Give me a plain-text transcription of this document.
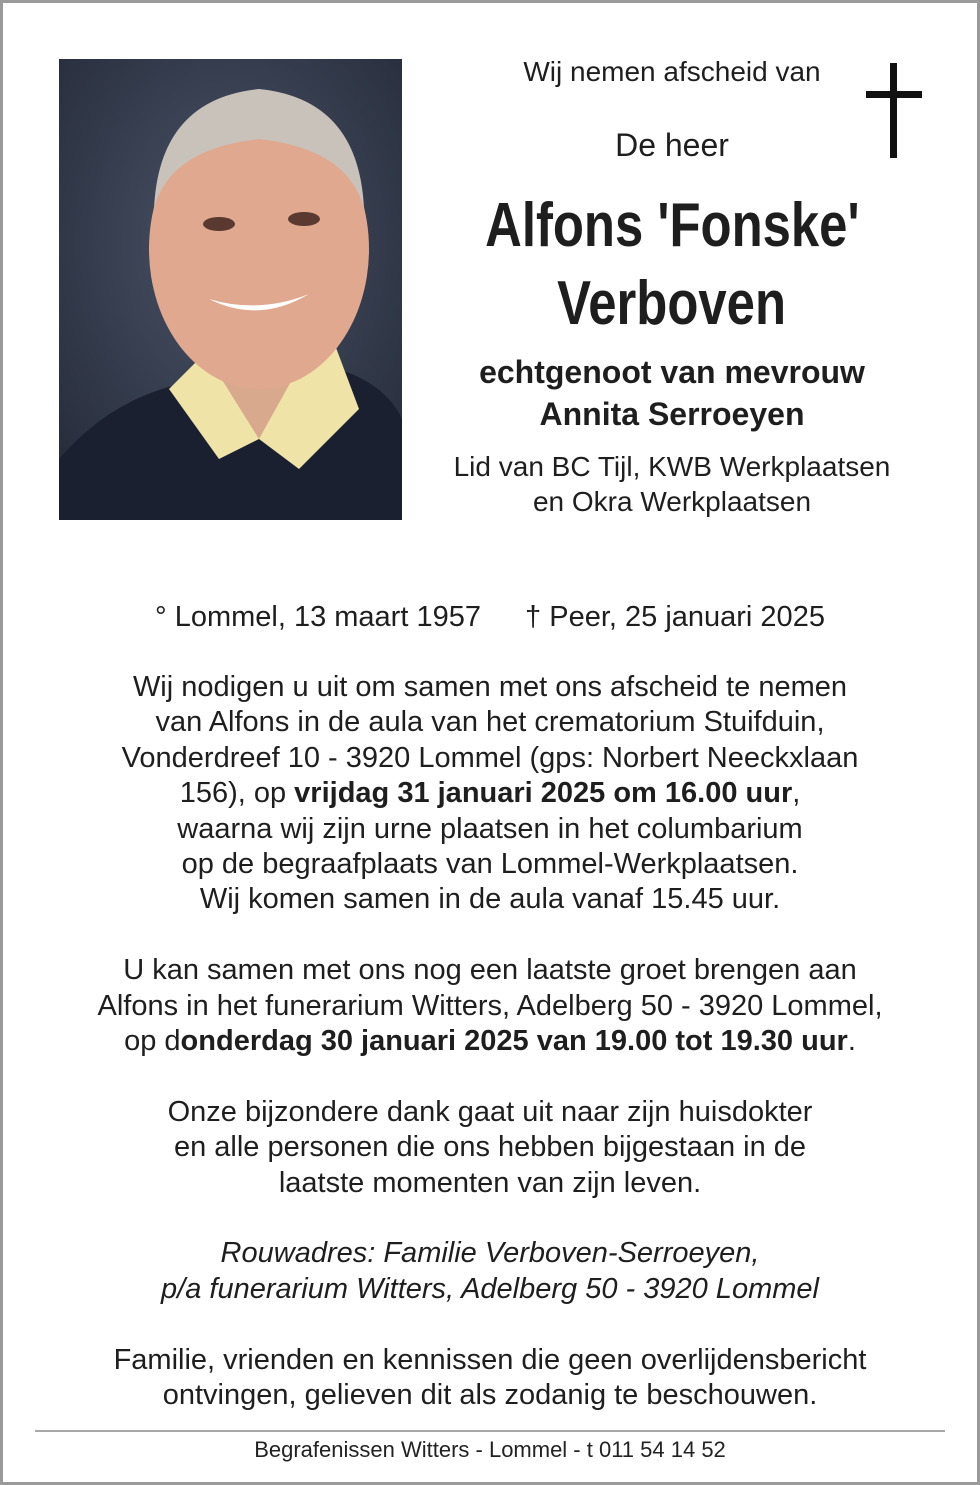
Wij nemen afscheid van
De heer
Alfons 'Fonske'
Verboven
echtgenoot van mevrouw
Annita Serroeyen
Lid van BC Tijl, KWB Werkplaatsen
en Okra Werkplaatsen
° Lommel, 13 maart 1957 † Peer, 25 januari 2025
Wij nodigen u uit om samen met ons afscheid te nemen
van Alfons in de aula van het crematorium Stuifduin,
Vonderdreef 10 - 3920 Lommel (gps: Norbert Neeckxlaan
156), op vrijdag 31 januari 2025 om 16.00 uur,
waarna wij zijn urne plaatsen in het columbarium
op de begraafplaats van Lommel-Werkplaatsen.
Wij komen samen in de aula vanaf 15.45 uur.
U kan samen met ons nog een laatste groet brengen aan
Alfons in het funerarium Witters, Adelberg 50 - 3920 Lommel,
op donderdag 30 januari 2025 van 19.00 tot 19.30 uur.
Onze bijzondere dank gaat uit naar zijn huisdokter
en alle personen die ons hebben bijgestaan in de
laatste momenten van zijn leven.
Rouwadres: Familie Verboven-Serroeyen,
p/a funerarium Witters, Adelberg 50 - 3920 Lommel
Familie, vrienden en kennissen die geen overlijdensbericht
ontvingen, gelieven dit als zodanig te beschouwen.
Begrafenissen Witters - Lommel - t 011 54 14 52
